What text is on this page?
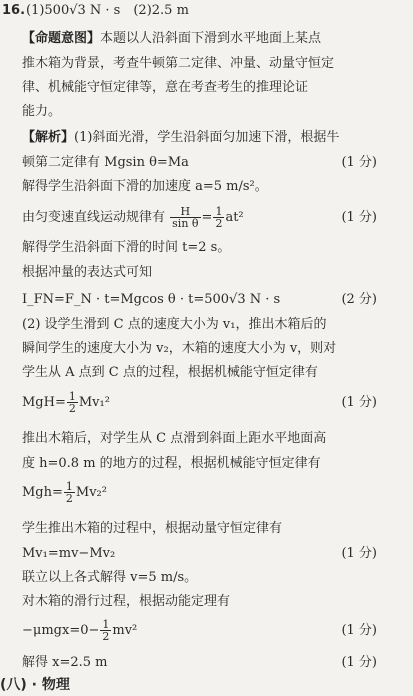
16. (1)500√3 N · s　(2)2.5 m
【命题意图】本题以人沿斜面下滑到水平地面上某点
推木箱为背景，考查牛顿第二定律、冲量、动量守恒定
律、机械能守恒定律等，意在考查考生的推理论证
能力。
【解析】(1)斜面光滑，学生沿斜面匀加速下滑，根据牛
顿第二定律有 Mgsin θ=Ma	(1 分)
解得学生沿斜面下滑的加速度 a=5 m/s²。
由匀变速直线运动规律有 $\frac{H}{\text{sin θ}} = \frac{1}{2} at^2$	(1 分)
解得学生沿斜面下滑的时间 t=2 s。
根据冲量的表达式可知
I_FN=F_N · t=Mgcos θ · t=500√3 N · s	(2 分)
(2) 设学生滑到 C 点的速度大小为 v₁，推出木箱后的
瞬间学生的速度大小为 v₂，木箱的速度大小为 v，则对
学生从 A 点到 C 点的过程，根据机械能守恒定律有
$MgH= \frac{1}{2} Mv_1^2$	(1 分)
推出木箱后，对学生从 C 点滑到斜面上距水平地面高
度 h=0.8 m 的地方的过程，根据机械能守恒定律有
$Mgh= \frac{1}{2} Mv_2^2$
学生推出木箱的过程中，根据动量守恒定律有
Mv₁=mv−Mv₂	(1 分)
联立以上各式解得 v=5 m/s。
对木箱的滑行过程，根据动能定理有
$-\mu mgx=0- \frac{1}{2} mv^2$	(1 分)
解得 x=2.5 m	(1 分)
(八) · 物理
